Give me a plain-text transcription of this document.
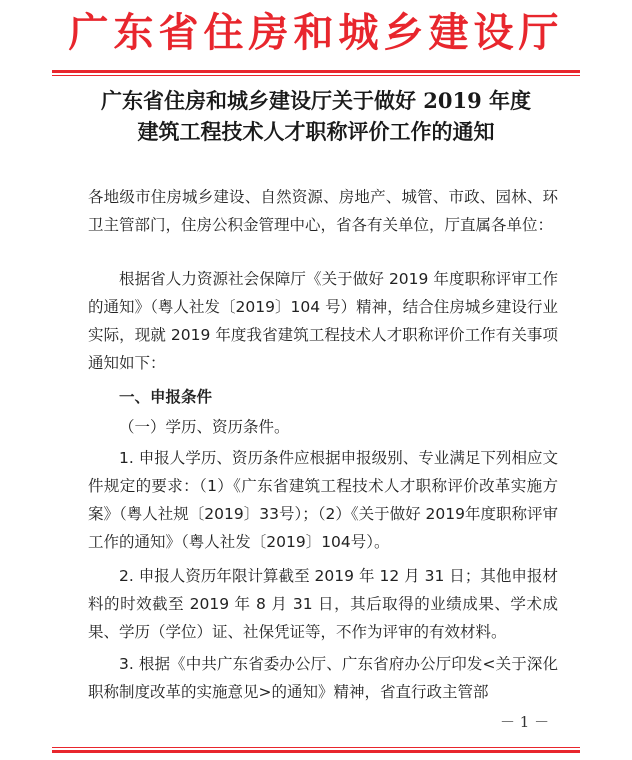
广东省住房和城乡建设厅
广东省住房和城乡建设厅关于做好 2019 年度
建筑工程技术人才职称评价工作的通知
各地级市住房城乡建设、自然资源、房地产、城管、市政、园林、环卫主管部门，住房公积金管理中心，省各有关单位，厅直属各单位：
根据省人力资源社会保障厅《关于做好 2019 年度职称评审工作的通知》（粤人社发〔2019〕104 号）精神，结合住房城乡建设行业实际，现就 2019 年度我省建筑工程技术人才职称评价工作有关事项通知如下：
一、申报条件
（一）学历、资历条件。
1. 申报人学历、资历条件应根据申报级别、专业满足下列相应文件规定的要求：（1）《广东省建筑工程技术人才职称评价改革实施方案》（粤人社规〔2019〕33号）；（2）《关于做好 2019年度职称评审工作的通知》（粤人社发〔2019〕104号）。
2. 申报人资历年限计算截至 2019 年 12 月 31 日；其他申报材料的时效截至 2019 年 8 月 31 日，其后取得的业绩成果、学术成果、学历（学位）证、社保凭证等，不作为评审的有效材料。
3. 根据《中共广东省委办公厅、广东省府办公厅印发<关于深化职称制度改革的实施意见>的通知》精神，省直行政主管部
－ 1 －
